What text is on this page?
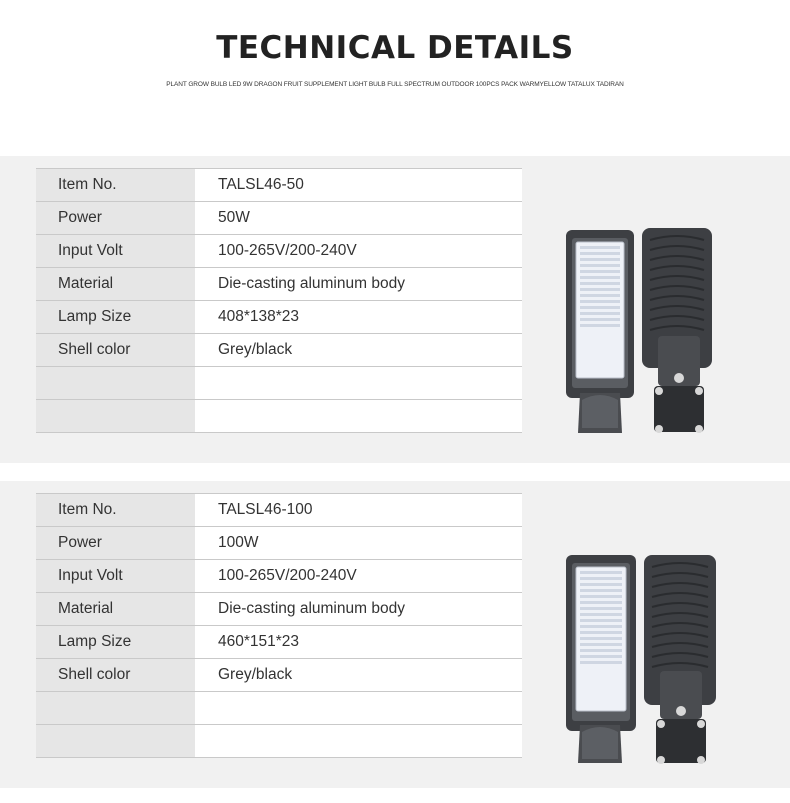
TECHNICAL DETAILS
PLANT GROW BULB LED 9W DRAGON FRUIT SUPPLEMENT LIGHT BULB FULL SPECTRUM OUTDOOR 100PCS PACK WARMYELLOW TATALUX TADIRAN
Item No.	TALSL46-50
Power	50W
Input Volt	100-265V/200-240V
Material	Die-casting aluminum body
Lamp Size	408*138*23
Shell color	Grey/black

Item No.	TALSL46-100
Power	100W
Input Volt	100-265V/200-240V
Material	Die-casting aluminum body
Lamp Size	460*151*23
Shell color	Grey/black
